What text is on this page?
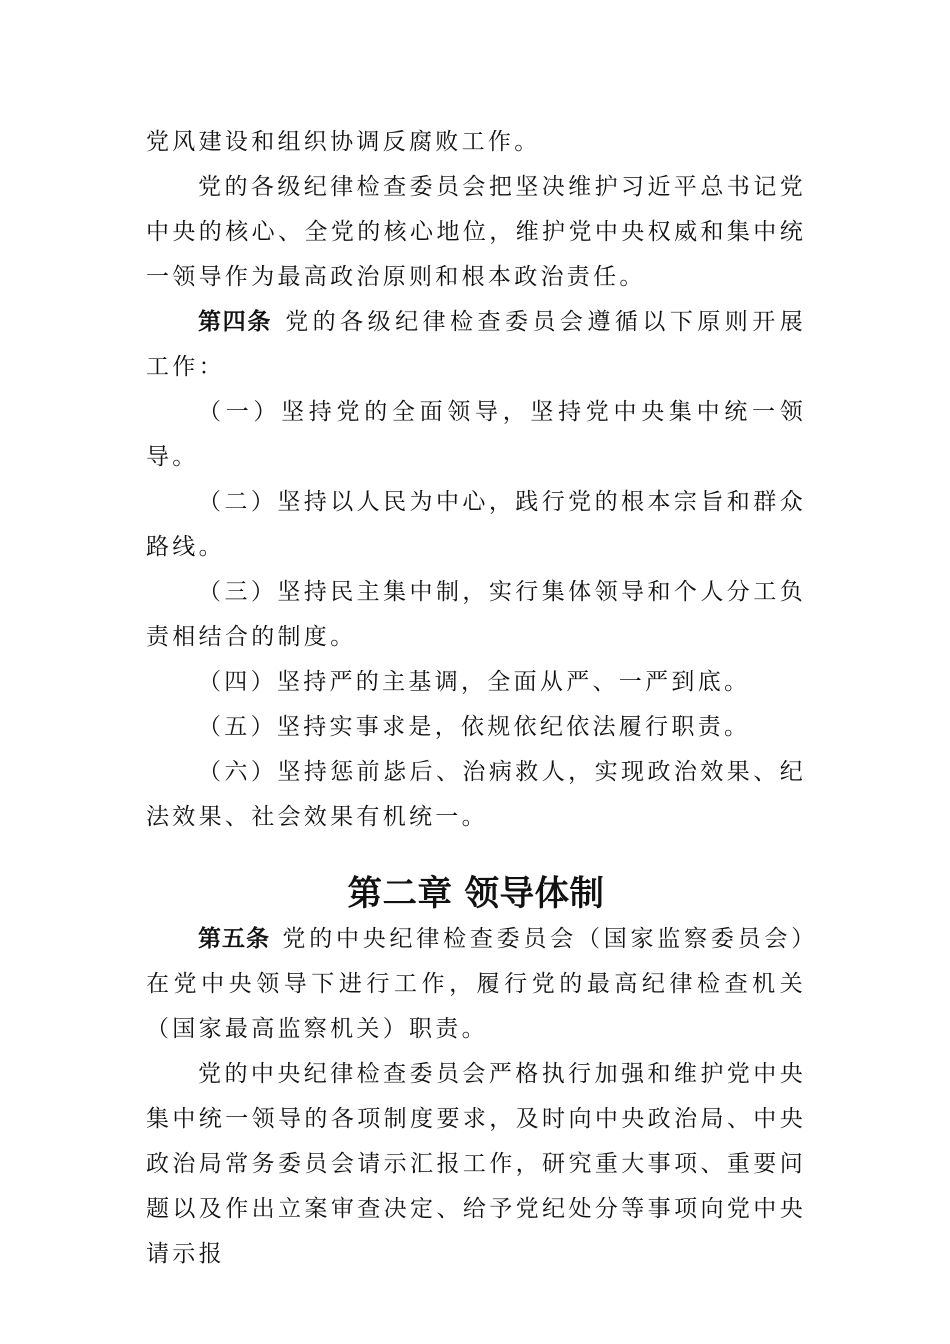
党风建设和组织协调反腐败工作。

党的各级纪律检查委员会把坚决维护习近平总书记党中央的核心、全党的核心地位，维护党中央权威和集中统一领导作为最高政治原则和根本政治责任。

第四条 党的各级纪律检查委员会遵循以下原则开展工作：

（一）坚持党的全面领导，坚持党中央集中统一领导。

（二）坚持以人民为中心，践行党的根本宗旨和群众路线。

（三）坚持民主集中制，实行集体领导和个人分工负责相结合的制度。

（四）坚持严的主基调，全面从严、一严到底。

（五）坚持实事求是，依规依纪依法履行职责。

（六）坚持惩前毖后、治病救人，实现政治效果、纪法效果、社会效果有机统一。

第二章 领导体制

第五条 党的中央纪律检查委员会（国家监察委员会）在党中央领导下进行工作，履行党的最高纪律检查机关（国家最高监察机关）职责。

党的中央纪律检查委员会严格执行加强和维护党中央集中统一领导的各项制度要求，及时向中央政治局、中央政治局常务委员会请示汇报工作，研究重大事项、重要问题以及作出立案审查决定、给予党纪处分等事项向党中央请示报
